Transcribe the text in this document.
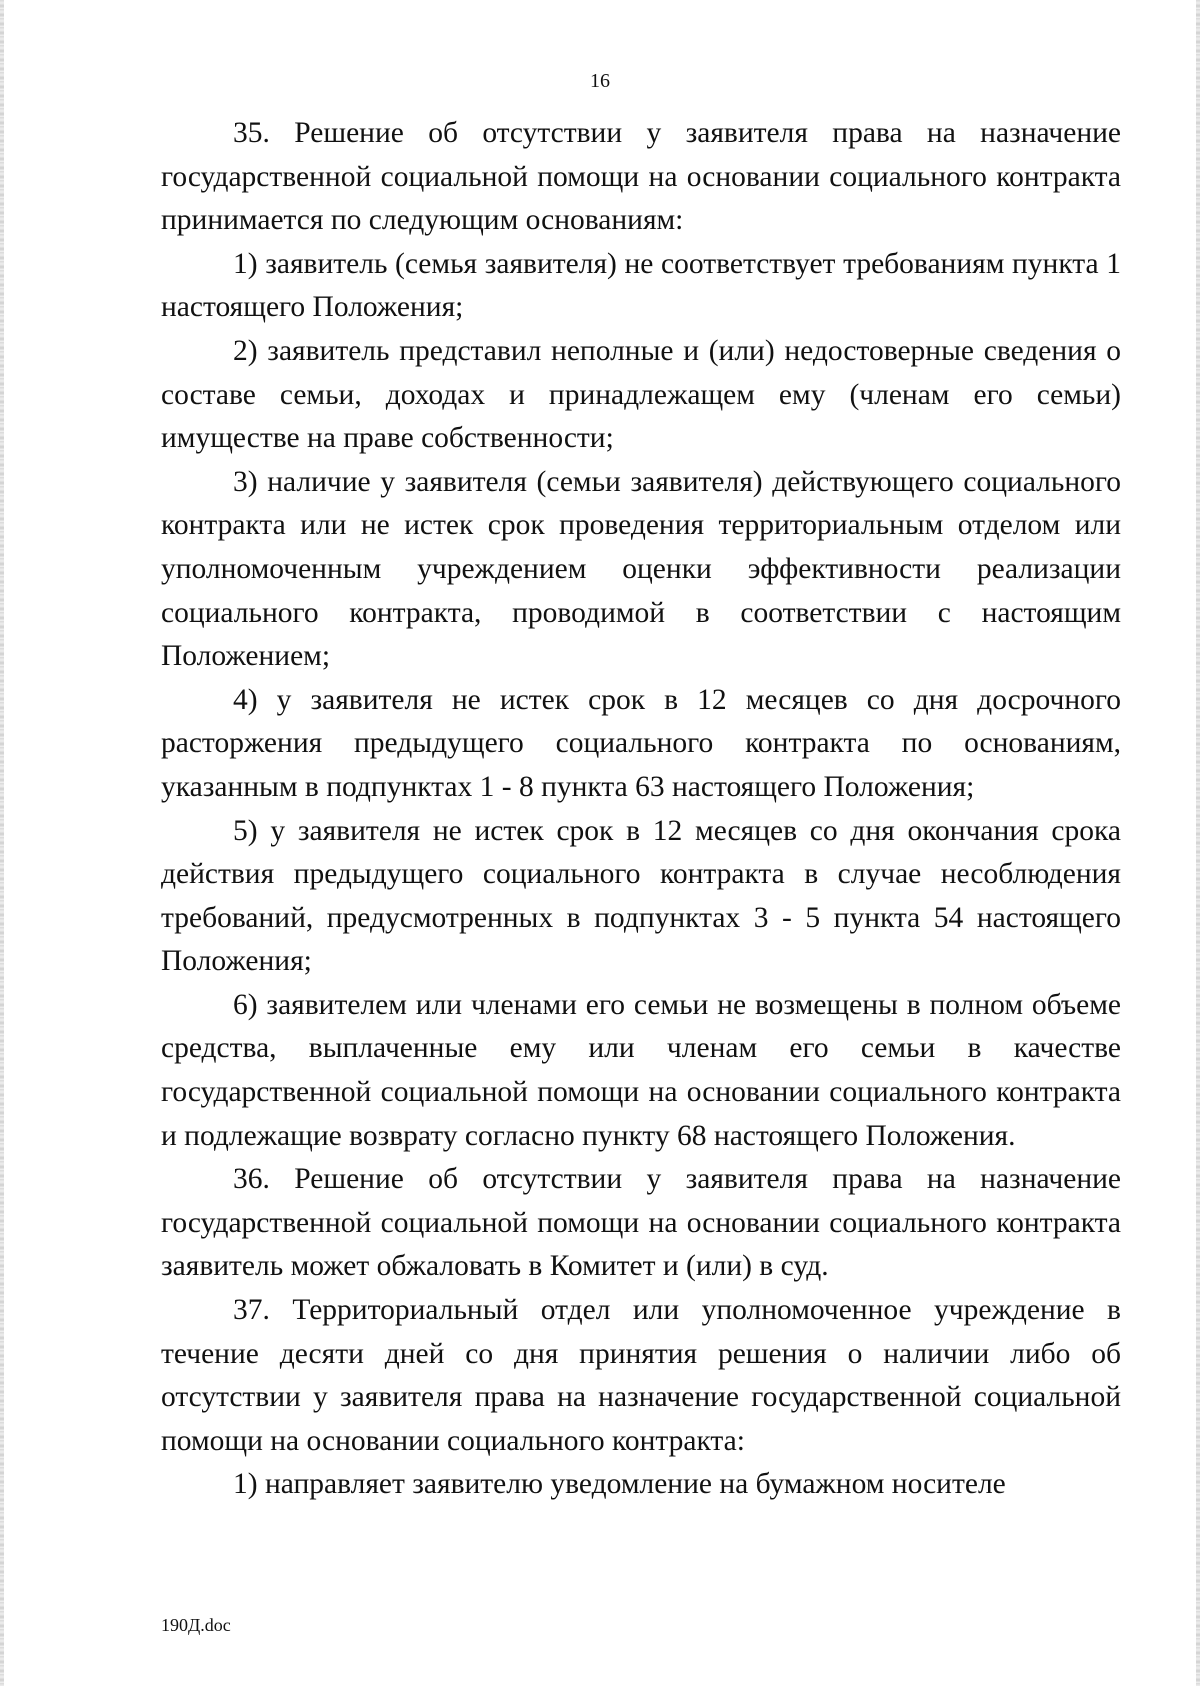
16

35. Решение об отсутствии у заявителя права на назначение государственной социальной помощи на основании социального контракта принимается по следующим основаниям:

1) заявитель (семья заявителя) не соответствует требованиям пункта 1 настоящего Положения;

2) заявитель представил неполные и (или) недостоверные сведения о составе семьи, доходах и принадлежащем ему (членам его семьи) имуществе на праве собственности;

3) наличие у заявителя (семьи заявителя) действующего социального контракта или не истек срок проведения территориальным отделом или уполномоченным учреждением оценки эффективности реализации социального контракта, проводимой в соответствии с настоящим Положением;

4) у заявителя не истек срок в 12 месяцев со дня досрочного расторжения предыдущего социального контракта по основаниям, указанным в подпунктах 1 - 8 пункта 63 настоящего Положения;

5) у заявителя не истек срок в 12 месяцев со дня окончания срока действия предыдущего социального контракта в случае несоблюдения требований, предусмотренных в подпунктах 3 - 5 пункта 54 настоящего Положения;

6) заявителем или членами его семьи не возмещены в полном объеме средства, выплаченные ему или членам его семьи в качестве государственной социальной помощи на основании социального контракта и подлежащие возврату согласно пункту 68 настоящего Положения.

36. Решение об отсутствии у заявителя права на назначение государственной социальной помощи на основании социального контракта заявитель может обжаловать в Комитет и (или) в суд.

37. Территориальный отдел или уполномоченное учреждение в течение десяти дней со дня принятия решения о наличии либо об отсутствии у заявителя права на назначение государственной социальной помощи на основании социального контракта:

1) направляет заявителю уведомление на бумажном носителе

190Д.doc
